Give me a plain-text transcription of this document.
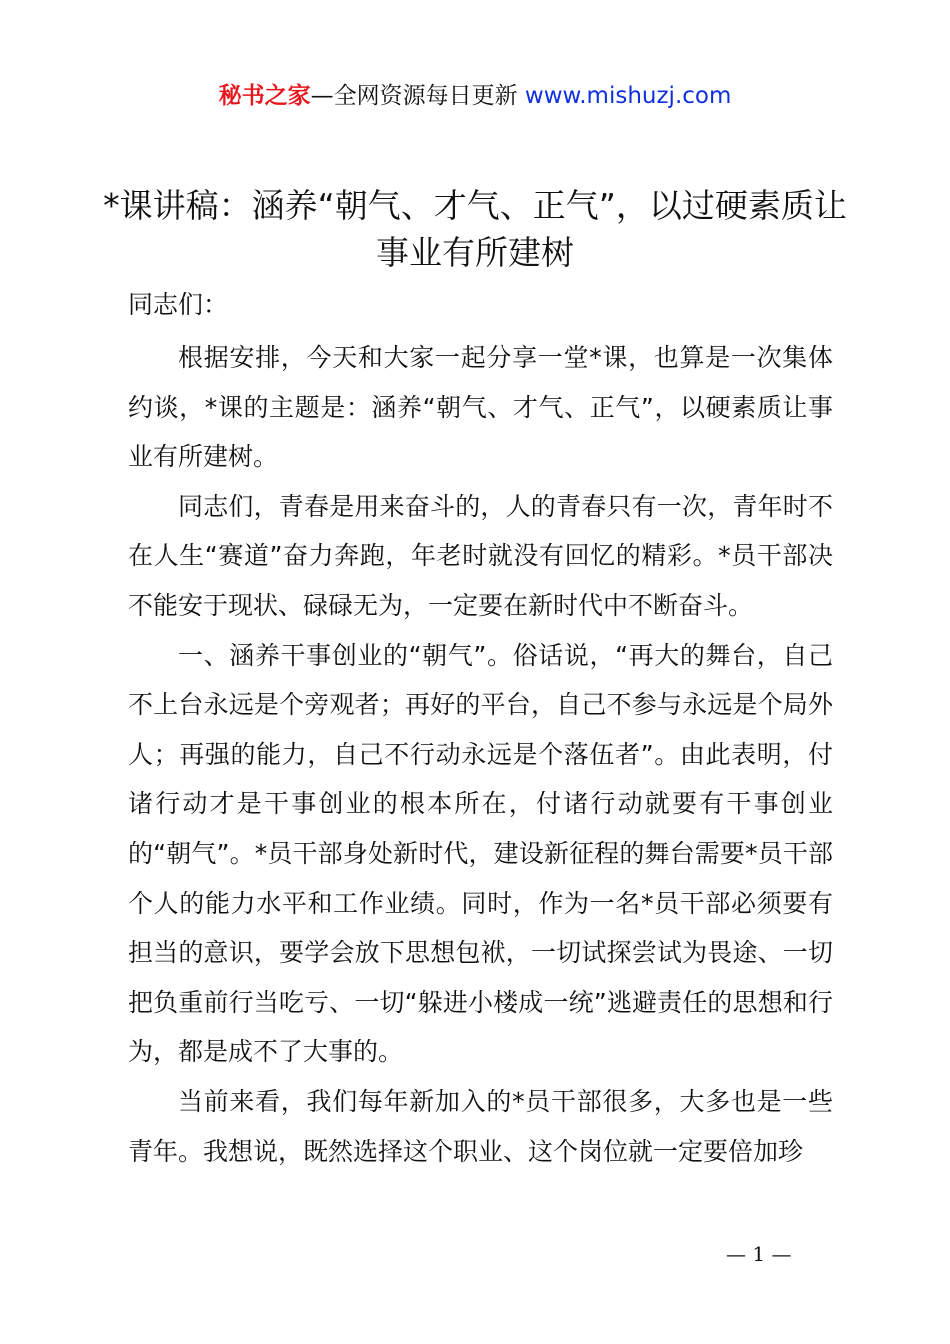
秘书之家—全网资源每日更新 www.mishuzj.com
*课讲稿：涵养“朝气、才气、正气”，以过硬素质让事业有所建树

同志们：

根据安排，今天和大家一起分享一堂*课，也算是一次集体约谈，*课的主题是：涵养“朝气、才气、正气”，以硬素质让事业有所建树。

同志们，青春是用来奋斗的，人的青春只有一次，青年时不在人生“赛道”奋力奔跑，年老时就没有回忆的精彩。*员干部决不能安于现状、碌碌无为，一定要在新时代中不断奋斗。

一、涵养干事创业的“朝气”。俗话说，“再大的舞台，自己不上台永远是个旁观者；再好的平台，自己不参与永远是个局外人；再强的能力，自己不行动永远是个落伍者”。由此表明，付诸行动才是干事创业的根本所在，付诸行动就要有干事创业的“朝气”。*员干部身处新时代，建设新征程的舞台需要*员干部个人的能力水平和工作业绩。同时，作为一名*员干部必须要有担当的意识，要学会放下思想包袱，一切试探尝试为畏途、一切把负重前行当吃亏、一切“躲进小楼成一统”逃避责任的思想和行为，都是成不了大事的。

当前来看，我们每年新加入的*员干部很多，大多也是一些青年。我想说，既然选择这个职业、这个岗位就一定要倍加珍

— 1 —
